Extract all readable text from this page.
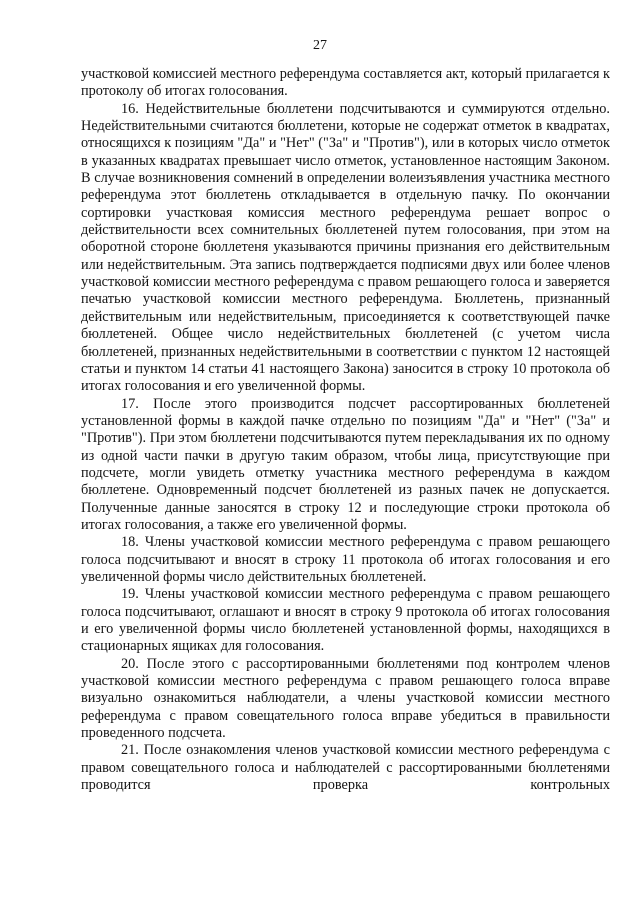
27

участковой комиссией местного референдума составляется акт, который прилагается к протоколу об итогах голосования.

16. Недействительные бюллетени подсчитываются и суммируются отдельно. Недействительными считаются бюллетени, которые не содержат отметок в квадратах, относящихся к позициям "Да" и "Нет" ("За" и "Против"), или в которых число отметок в указанных квадратах превышает число отметок, установленное настоящим Законом. В случае возникновения сомнений в определении волеизъявления участника местного референдума этот бюллетень откладывается в отдельную пачку. По окончании сортировки участковая комиссия местного референдума решает вопрос о действительности всех сомнительных бюллетеней путем голосования, при этом на оборотной стороне бюллетеня указываются причины признания его действительным или недействительным. Эта запись подтверждается подписями двух или более членов участковой комиссии местного референдума с правом решающего голоса и заверяется печатью участковой комиссии местного референдума. Бюллетень, признанный действительным или недействительным, присоединяется к соответствующей пачке бюллетеней. Общее число недействительных бюллетеней (с учетом числа бюллетеней, признанных недействительными в соответствии с пунктом 12 настоящей статьи и пунктом 14 статьи 41 настоящего Закона) заносится в строку 10 протокола об итогах голосования и его увеличенной формы.

17. После этого производится подсчет рассортированных бюллетеней установленной формы в каждой пачке отдельно по позициям "Да" и "Нет" ("За" и "Против"). При этом бюллетени подсчитываются путем перекладывания их по одному из одной части пачки в другую таким образом, чтобы лица, присутствующие при подсчете, могли увидеть отметку участника местного референдума в каждом бюллетене. Одновременный подсчет бюллетеней из разных пачек не допускается. Полученные данные заносятся в строку 12 и последующие строки протокола об итогах голосования, а также его увеличенной формы.

18. Члены участковой комиссии местного референдума с правом решающего голоса подсчитывают и вносят в строку 11 протокола об итогах голосования и его увеличенной формы число действительных бюллетеней.

19. Члены участковой комиссии местного референдума с правом решающего голоса подсчитывают, оглашают и вносят в строку 9 протокола об итогах голосования и его увеличенной формы число бюллетеней установленной формы, находящихся в стационарных ящиках для голосования.

20. После этого с рассортированными бюллетенями под контролем членов участковой комиссии местного референдума с правом решающего голоса вправе визуально ознакомиться наблюдатели, а члены участковой комиссии местного референдума с правом совещательного голоса вправе убедиться в правильности проведенного подсчета.

21. После ознакомления членов участковой комиссии местного референдума с правом совещательного голоса и наблюдателей с рассортированными бюллетенями проводится проверка контрольных
